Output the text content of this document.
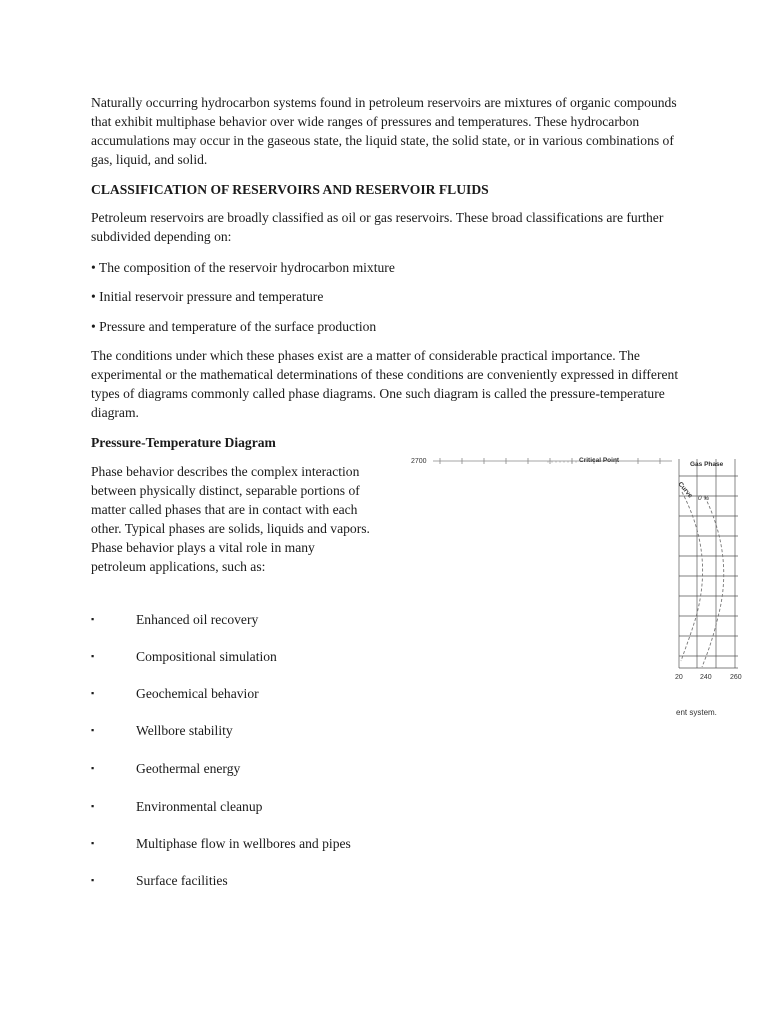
Naturally occurring hydrocarbon systems found in petroleum reservoirs are mixtures of organic compounds that exhibit multiphase behavior over wide ranges of pressures and temperatures. These hydrocarbon accumulations may occur in the gaseous state, the liquid state, the solid state, or in various combinations of gas, liquid, and solid.

CLASSIFICATION OF RESERVOIRS AND RESERVOIR FLUIDS

Petroleum reservoirs are broadly classified as oil or gas reservoirs. These broad classifications are further subdivided depending on:

• The composition of the reservoir hydrocarbon mixture

• Initial reservoir pressure and temperature

• Pressure and temperature of the surface production

The conditions under which these phases exist are a matter of considerable practical importance. The experimental or the mathematical determinations of these conditions are conveniently expressed in different types of diagrams commonly called phase diagrams. One such diagram is called the pressure-temperature diagram.

Pressure-Temperature Diagram

Phase behavior describes the complex interaction between physically distinct, separable portions of matter called phases that are in contact with each other. Typical phases are solids, liquids and vapors. Phase behavior plays a vital role in many petroleum applications, such as:

▪	Enhanced oil recovery
▪	Compositional simulation
▪	Geochemical behavior
▪	Wellbore stability
▪	Geothermal energy
▪	Environmental cleanup
▪	Multiphase flow in wellbores and pipes
▪	Surface facilities
2700	Critical Point
Gas Phase
Curve 0 %
20 240	260
ent system.
